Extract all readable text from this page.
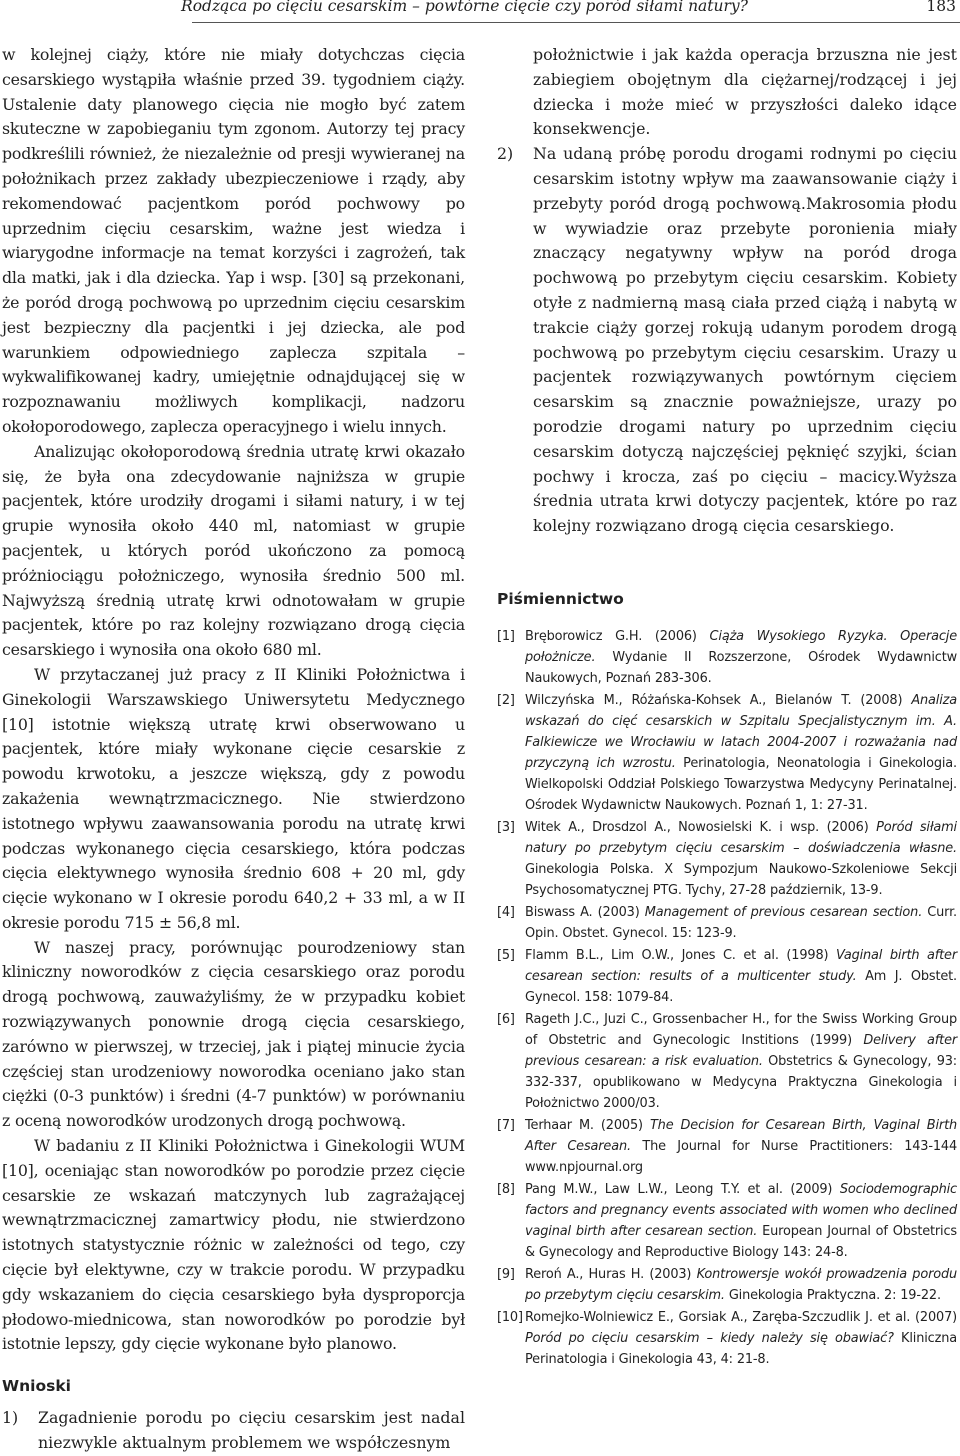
Rodząca po cięciu cesarskim – powtórne cięcie czy poród siłami natury?	183

w kolejnej ciąży, które nie miały dotychczas cięcia cesarskiego wystąpiła właśnie przed 39. tygodniem ciąży. Ustalenie daty planowego cięcia nie mogło być zatem skuteczne w zapobieganiu tym zgonom. Autorzy tej pracy podkreślili również, że niezależnie od presji wywieranej na położnikach przez zakłady ubezpieczeniowe i rządy, aby rekomendować pacjentkom poród pochwowy po uprzednim cięciu cesarskim, ważne jest wiedza i wiarygodne informacje na temat korzyści i zagrożeń, tak dla matki, jak i dla dziecka. Yap i wsp. [30] są przekonani, że poród drogą pochwową po uprzednim cięciu cesarskim jest bezpieczny dla pacjentki i jej dziecka, ale pod warunkiem odpowiedniego zaplecza szpitala – wykwalifikowanej kadry, umiejętnie odnajdującej się w rozpoznawaniu możliwych komplikacji, nadzoru okołoporodowego, zaplecza operacyjnego i wielu innych.

Analizując okołoporodową średnia utratę krwi okazało się, że była ona zdecydowanie najniższa w grupie pacjentek, które urodziły drogami i siłami natury, i w tej grupie wynosiła około 440 ml, natomiast w grupie pacjentek, u których poród ukończono za pomocą próżniociągu położniczego, wynosiła średnio 500 ml. Najwyższą średnią utratę krwi odnotowałam w grupie pacjentek, które po raz kolejny rozwiązano drogą cięcia cesarskiego i wynosiła ona około 680 ml.

W przytaczanej już pracy z II Kliniki Położnictwa i Ginekologii Warszawskiego Uniwersytetu Medycznego [10] istotnie większą utratę krwi obserwowano u pacjentek, które miały wykonane cięcie cesarskie z powodu krwotoku, a jeszcze większą, gdy z powodu zakażenia wewnątrzmacicznego. Nie stwierdzono istotnego wpływu zaawansowania porodu na utratę krwi podczas wykonanego cięcia cesarskiego, która podczas cięcia elektywnego wynosiła średnio 608 + 20 ml, gdy cięcie wykonano w I okresie porodu 640,2 + 33 ml, a w II okresie porodu 715 ± 56,8 ml.

W naszej pracy, porównując pourodzeniowy stan kliniczny noworodków z cięcia cesarskiego oraz porodu drogą pochwową, zauważyliśmy, że w przypadku kobiet rozwiązywanych ponownie drogą cięcia cesarskiego, zarówno w pierwszej, w trzeciej, jak i piątej minucie życia częściej stan urodzeniowy noworodka oceniano jako stan ciężki (0-3 punktów) i średni (4-7 punktów) w porównaniu z oceną noworodków urodzonych drogą pochwową.

W badaniu z II Kliniki Położnictwa i Ginekologii WUM [10], oceniając stan noworodków po porodzie przez cięcie cesarskie ze wskazań matczynych lub zagrażającej wewnątrzmacicznej zamartwicy płodu, nie stwierdzono istotnych statystycznie różnic w zależności od tego, czy cięcie był elektywne, czy w trakcie porodu. W przypadku gdy wskazaniem do cięcia cesarskiego była dysproporcja płodowo-miednicowa, stan noworodków po porodzie był istotnie lepszy, gdy cięcie wykonane było planowo.

Wnioski
1) Zagadnienie porodu po cięciu cesarskim jest nadal niezwykle aktualnym problemem we współczesnym
położnictwie i jak każda operacja brzuszna nie jest zabiegiem obojętnym dla ciężarnej/rodzącej i jej dziecka i może mieć w przyszłości daleko idące konsekwencje.
2) Na udaną próbę porodu drogami rodnymi po cięciu cesarskim istotny wpływ ma zaawansowanie ciąży i przebyty poród drogą pochwową.Makrosomia płodu w wywiadzie oraz przebyte poronienia miały znaczący negatywny wpływ na poród droga pochwową po przebytym cięciu cesarskim. Kobiety otyłe z nadmierną masą ciała przed ciążą i nabytą w trakcie ciąży gorzej rokują udanym porodem drogą pochwową po przebytym cięciu cesarskim. Urazy u pacjentek rozwiązywanych powtórnym cięciem cesarskim są znacznie poważniejsze, urazy po porodzie drogami natury po uprzednim cięciu cesarskim dotyczą najczęściej pęknięć szyjki, ścian pochwy i krocza, zaś po cięciu – macicy.Wyższa średnia utrata krwi dotyczy pacjentek, które po raz kolejny rozwiązano drogą cięcia cesarskiego.
Piśmiennictwo
[1] Bręborowicz G.H. (2006) Ciąża Wysokiego Ryzyka. Operacje położnicze. Wydanie II Rozszerzone, Ośrodek Wydawnictw Naukowych, Poznań 283-306.
[2] Wilczyńska M., Różańska-Kohsek A., Bielanów T. (2008) Analiza wskazań do cięć cesarskich w Szpitalu Specjalistycznym im. A. Falkiewicze we Wrocławiu w latach 2004-2007 i rozważania nad przyczyną ich wzrostu. Perinatologia, Neonatologia i Ginekologia. Wielkopolski Oddział Polskiego Towarzystwa Medycyny Perinatalnej. Ośrodek Wydawnictw Naukowych. Poznań 1, 1: 27-31.
[3] Witek A., Drosdzol A., Nowosielski K. i wsp. (2006) Poród siłami natury po przebytym cięciu cesarskim – doświadczenia własne. Ginekologia Polska. X Sympozjum Naukowo-Szkoleniowe Sekcji Psychosomatycznej PTG. Tychy, 27-28 październik, 13-9.
[4] Biswass A. (2003) Management of previous cesarean section. Curr. Opin. Obstet. Gynecol. 15: 123-9.
[5] Flamm B.L., Lim O.W., Jones C. et al. (1998) Vaginal birth after cesarean section: results of a multicenter study. Am J. Obstet. Gynecol. 158: 1079-84.
[6] Rageth J.C., Juzi C., Grossenbacher H., for the Swiss Working Group of Obstetric and Gynecologic Institions (1999) Delivery after previous cesarean: a risk evaluation. Obstetrics & Gynecology, 93: 332-337, opublikowano w Medycyna Praktyczna Ginekologia i Położnictwo 2000/03.
[7] Terhaar M. (2005) The Decision for Cesarean Birth, Vaginal Birth After Cesarean. The Journal for Nurse Practitioners: 143-144 www.npjournal.org
[8] Pang M.W., Law L.W., Leong T.Y. et al. (2009) Sociodemographic factors and pregnancy events associated with women who declined vaginal birth after cesarean section. European Journal of Obstetrics & Gynecology and Reproductive Biology 143: 24-8.
[9] Reroń A., Huras H. (2003) Kontrowersje wokół prowadzenia porodu po przebytym cięciu cesarskim. Ginekologia Praktyczna. 2: 19-22.
[10] Romejko-Wolniewicz E., Gorsiak A., Zaręba-Szczudlik J. et al. (2007) Poród po cięciu cesarskim – kiedy należy się obawiać? Kliniczna Perinatologia i Ginekologia 43, 4: 21-8.
